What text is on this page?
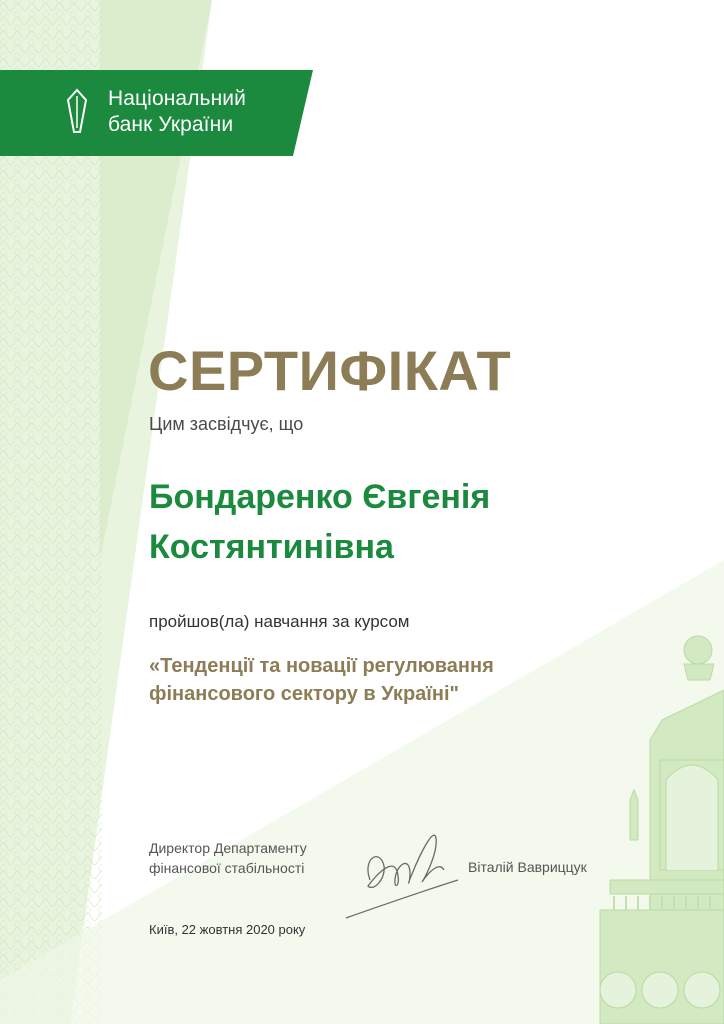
Національний
банк України
СЕРТИФІКАТ
Цим засвідчує, що
Бондаренко Євгенія
Костянтинівна
пройшов(ла) навчання за курсом
«Тенденції та новації регулювання
фінансового сектору в Україні"
Директор Департаменту
фінансової стабільності	Віталій Вавриццук
Київ, 22 жовтня 2020 року
